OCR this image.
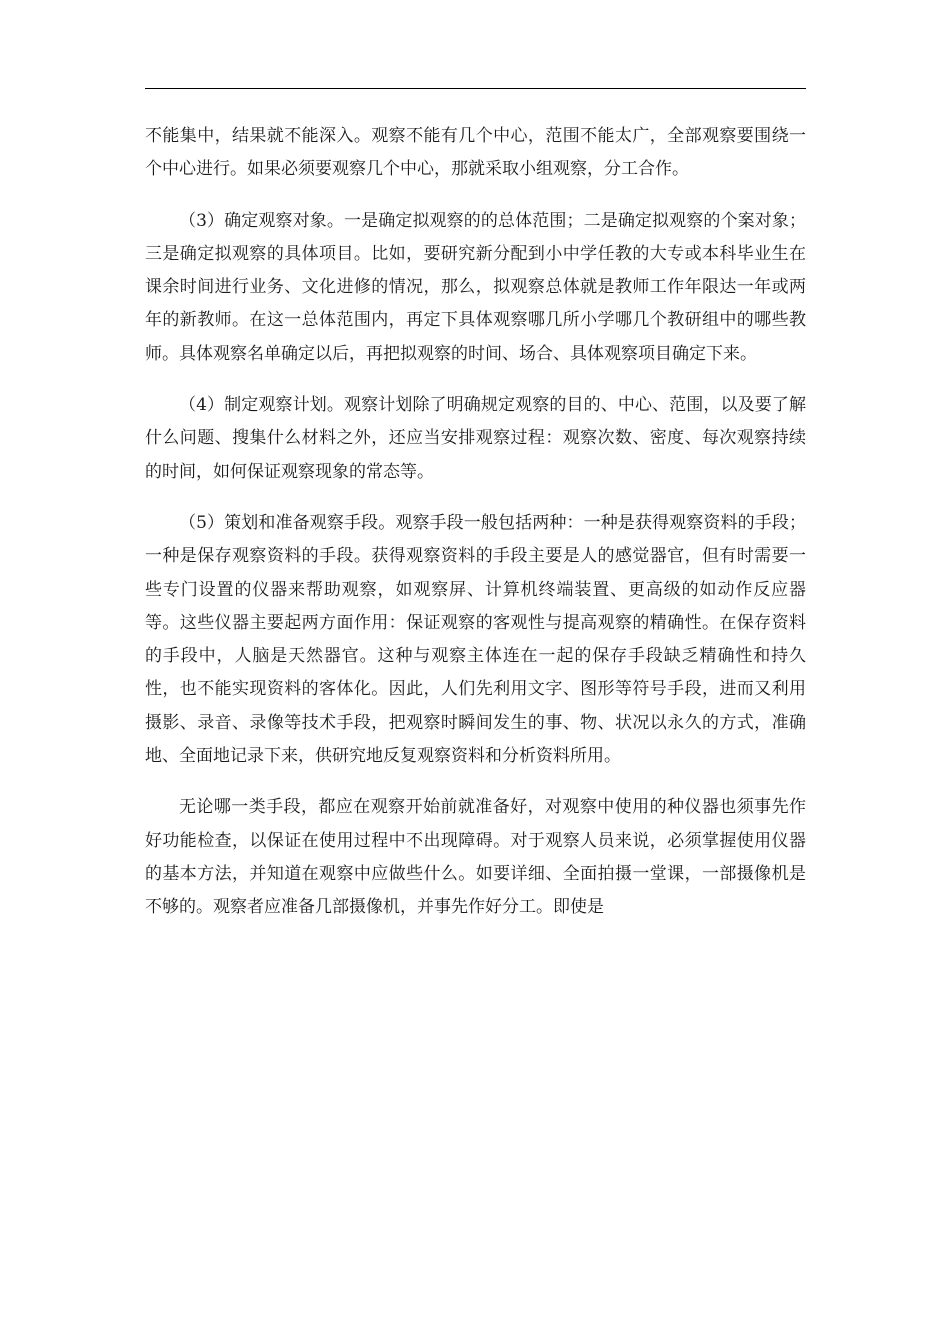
不能集中，结果就不能深入。观察不能有几个中心，范围不能太广，全部观察要围绕一个中心进行。如果必须要观察几个中心，那就采取小组观察，分工合作。

（3）确定观察对象。一是确定拟观察的的总体范围；二是确定拟观察的个案对象；三是确定拟观察的具体项目。比如，要研究新分配到小中学任教的大专或本科毕业生在课余时间进行业务、文化进修的情况，那么，拟观察总体就是教师工作年限达一年或两年的新教师。在这一总体范围内，再定下具体观察哪几所小学哪几个教研组中的哪些教师。具体观察名单确定以后，再把拟观察的时间、场合、具体观察项目确定下来。

（4）制定观察计划。观察计划除了明确规定观察的目的、中心、范围，以及要了解什么问题、搜集什么材料之外，还应当安排观察过程：观察次数、密度、每次观察持续的时间，如何保证观察现象的常态等。

（5）策划和准备观察手段。观察手段一般包括两种：一种是获得观察资料的手段；一种是保存观察资料的手段。获得观察资料的手段主要是人的感觉器官，但有时需要一些专门设置的仪器来帮助观察，如观察屏、计算机终端装置、更高级的如动作反应器等。这些仪器主要起两方面作用：保证观察的客观性与提高观察的精确性。在保存资料的手段中，人脑是天然器官。这种与观察主体连在一起的保存手段缺乏精确性和持久性，也不能实现资料的客体化。因此，人们先利用文字、图形等符号手段，进而又利用摄影、录音、录像等技术手段，把观察时瞬间发生的事、物、状况以永久的方式，准确地、全面地记录下来，供研究地反复观察资料和分析资料所用。

无论哪一类手段，都应在观察开始前就准备好，对观察中使用的种仪器也须事先作好功能检查，以保证在使用过程中不出现障碍。对于观察人员来说，必须掌握使用仪器的基本方法，并知道在观察中应做些什么。如要详细、全面拍摄一堂课，一部摄像机是不够的。观察者应准备几部摄像机，并事先作好分工。即使是
